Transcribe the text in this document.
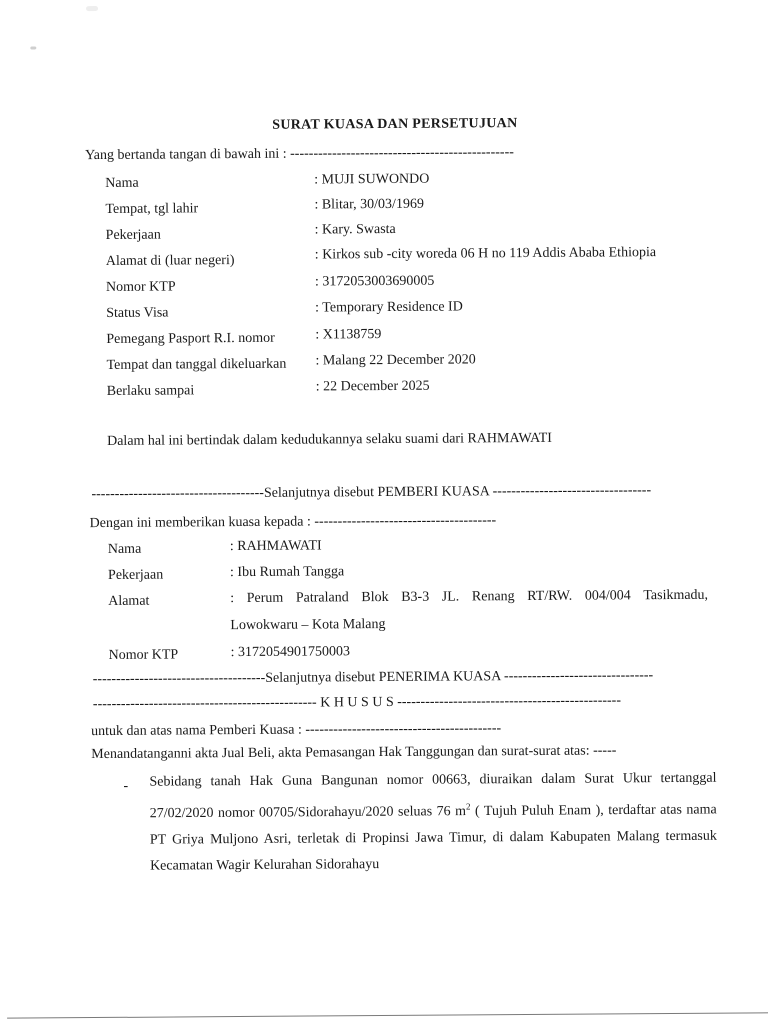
SURAT KUASA DAN PERSETUJUAN
Yang bertanda tangan di bawah ini : ------------------------------------------------
Nama	: MUJI SUWONDO
Tempat, tgl lahir	: Blitar, 30/03/1969
Pekerjaan	: Kary. Swasta
Alamat di (luar negeri)	: Kirkos sub -city woreda 06 H no 119 Addis Ababa Ethiopia
Nomor KTP	: 3172053003690005
Status Visa	: Temporary Residence ID
Pemegang Pasport R.I. nomor	: X1138759
Tempat dan tanggal dikeluarkan : Malang 22 December 2020
Berlaku sampai	: 22 December 2025
Dalam hal ini bertindak dalam kedudukannya selaku suami dari RAHMAWATI
-------------------------------------Selanjutnya disebut PEMBERI KUASA ----------------------------------
Dengan ini memberikan kuasa kepada : ---------------------------------------
Nama	: RAHMAWATI
Pekerjaan	: Ibu Rumah Tangga
Alamat	: Perum Patraland Blok B3-3 JL. Renang RT/RW. 004/004 Tasikmadu,
Lowokwaru – Kota Malang
Nomor KTP	: 3172054901750003
-------------------------------------Selanjutnya disebut PENERIMA KUASA --------------------------------
------------------------------------------------ K H U S U S ------------------------------------------------
untuk dan atas nama Pemberi Kuasa : ------------------------------------------
Menandatanganni akta Jual Beli, akta Pemasangan Hak Tanggungan dan surat-surat atas: -----
- Sebidang tanah Hak Guna Bangunan nomor 00663, diuraikan dalam Surat Ukur tertanggal 27/02/2020 nomor 00705/Sidorahayu/2020 seluas 76 $m^2$ ( Tujuh Puluh Enam ), terdaftar atas nama PT Griya Muljono Asri, terletak di Propinsi Jawa Timur, di dalam Kabupaten Malang termasuk Kecamatan Wagir Kelurahan Sidorahayu
